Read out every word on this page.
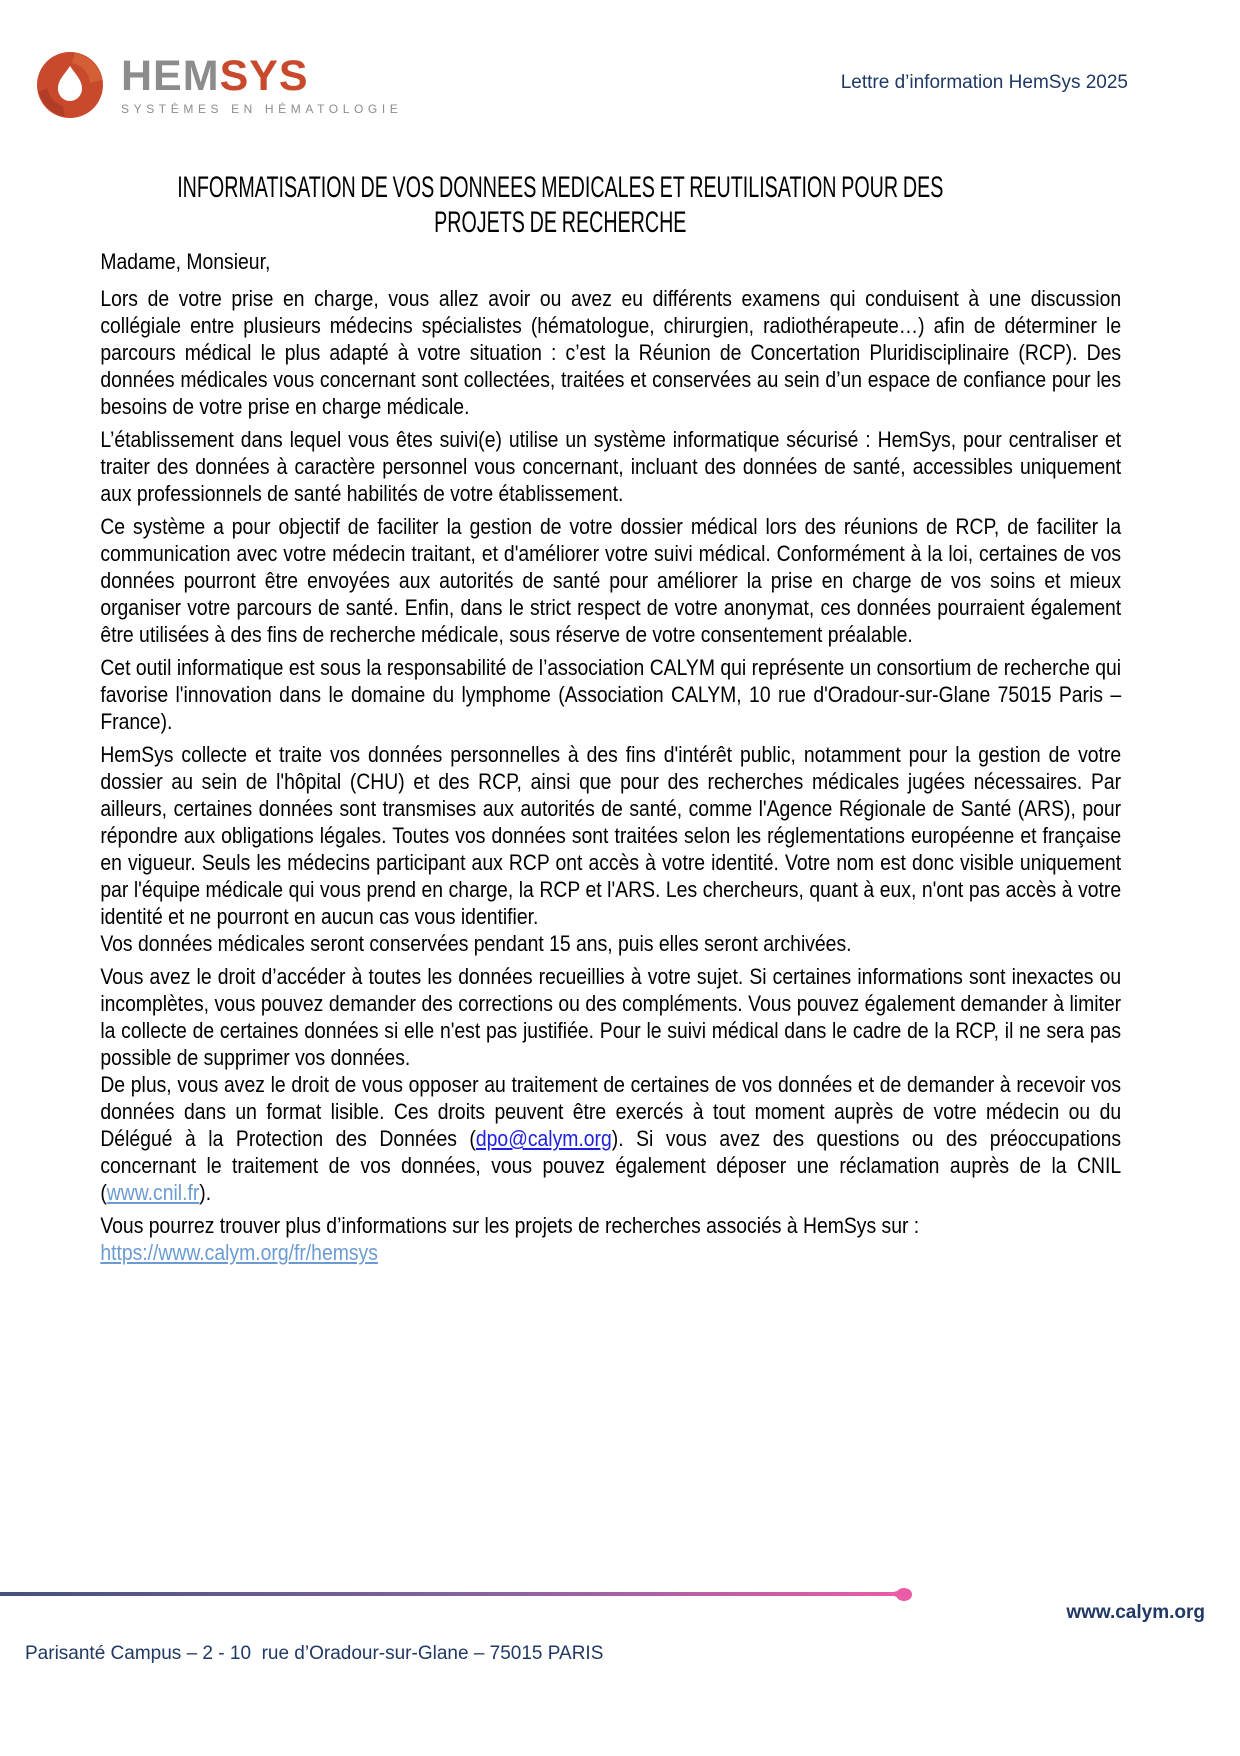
HEMSYS
SYSTÈMES EN HÉMATOLOGIE
Lettre d’information HemSys 2025
INFORMATISATION DE VOS DONNEES MEDICALES ET REUTILISATION POUR DES
PROJETS DE RECHERCHE
Madame, Monsieur,

Lors de votre prise en charge, vous allez avoir ou avez eu différents examens qui conduisent à une discussion collégiale entre plusieurs médecins spécialistes (hématologue, chirurgien, radiothérapeute…) afin de déterminer le parcours médical le plus adapté à votre situation : c’est la Réunion de Concertation Pluridisciplinaire (RCP). Des données médicales vous concernant sont collectées, traitées et conservées au sein d’un espace de confiance pour les besoins de votre prise en charge médicale.

L’établissement dans lequel vous êtes suivi(e) utilise un système informatique sécurisé : HemSys, pour centraliser et traiter des données à caractère personnel vous concernant, incluant des données de santé, accessibles uniquement aux professionnels de santé habilités de votre établissement.

Ce système a pour objectif de faciliter la gestion de votre dossier médical lors des réunions de RCP, de faciliter la communication avec votre médecin traitant, et d'améliorer votre suivi médical. Conformément à la loi, certaines de vos données pourront être envoyées aux autorités de santé pour améliorer la prise en charge de vos soins et mieux organiser votre parcours de santé. Enfin, dans le strict respect de votre anonymat, ces données pourraient également être utilisées à des fins de recherche médicale, sous réserve de votre consentement préalable.

Cet outil informatique est sous la responsabilité de l’association CALYM qui représente un consortium de recherche qui favorise l'innovation dans le domaine du lymphome (Association CALYM, 10 rue d'Oradour-sur-Glane 75015 Paris – France).

HemSys collecte et traite vos données personnelles à des fins d'intérêt public, notamment pour la gestion de votre dossier au sein de l'hôpital (CHU) et des RCP, ainsi que pour des recherches médicales jugées nécessaires. Par ailleurs, certaines données sont transmises aux autorités de santé, comme l'Agence Régionale de Santé (ARS), pour répondre aux obligations légales. Toutes vos données sont traitées selon les réglementations européenne et française en vigueur. Seuls les médecins participant aux RCP ont accès à votre identité. Votre nom est donc visible uniquement par l'équipe médicale qui vous prend en charge, la RCP et l'ARS. Les chercheurs, quant à eux, n'ont pas accès à votre identité et ne pourront en aucun cas vous identifier.
Vos données médicales seront conservées pendant 15 ans, puis elles seront archivées.

Vous avez le droit d’accéder à toutes les données recueillies à votre sujet. Si certaines informations sont inexactes ou incomplètes, vous pouvez demander des corrections ou des compléments. Vous pouvez également demander à limiter la collecte de certaines données si elle n'est pas justifiée. Pour le suivi médical dans le cadre de la RCP, il ne sera pas possible de supprimer vos données.
De plus, vous avez le droit de vous opposer au traitement de certaines de vos données et de demander à recevoir vos données dans un format lisible. Ces droits peuvent être exercés à tout moment auprès de votre médecin ou du Délégué à la Protection des Données (dpo@calym.org). Si vous avez des questions ou des préoccupations concernant le traitement de vos données, vous pouvez également déposer une réclamation auprès de la CNIL (www.cnil.fr).

Vous pourrez trouver plus d’informations sur les projets de recherches associés à HemSys sur :
https://www.calym.org/fr/hemsys

www.calym.org
Parisanté Campus – 2 - 10  rue d’Oradour-sur-Glane – 75015 PARIS
